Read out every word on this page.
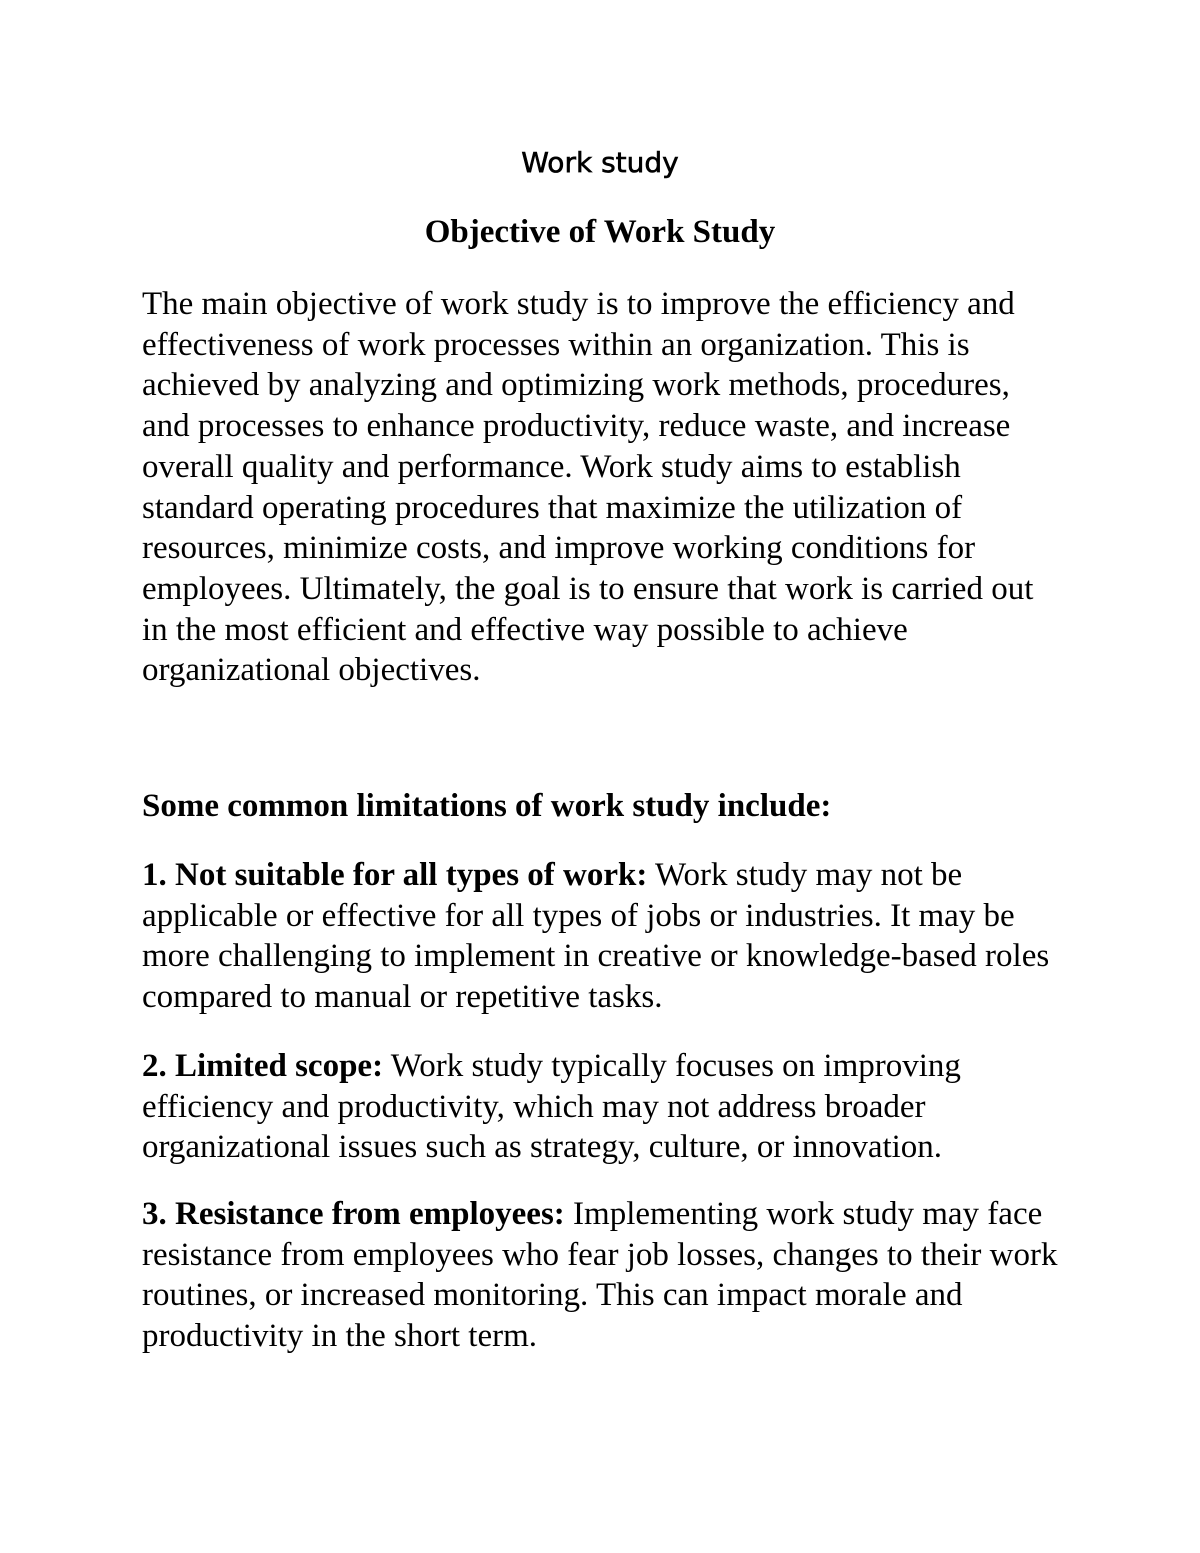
Work study
Objective of Work Study

The main objective of work study is to improve the efficiency and effectiveness of work processes within an organization. This is achieved by analyzing and optimizing work methods, procedures, and processes to enhance productivity, reduce waste, and increase overall quality and performance. Work study aims to establish standard operating procedures that maximize the utilization of resources, minimize costs, and improve working conditions for employees. Ultimately, the goal is to ensure that work is carried out in the most efficient and effective way possible to achieve organizational objectives.

Some common limitations of work study include:

1. Not suitable for all types of work: Work study may not be applicable or effective for all types of jobs or industries. It may be more challenging to implement in creative or knowledge-based roles compared to manual or repetitive tasks.

2. Limited scope: Work study typically focuses on improving efficiency and productivity, which may not address broader organizational issues such as strategy, culture, or innovation.

3. Resistance from employees: Implementing work study may face resistance from employees who fear job losses, changes to their work routines, or increased monitoring. This can impact morale and productivity in the short term.
